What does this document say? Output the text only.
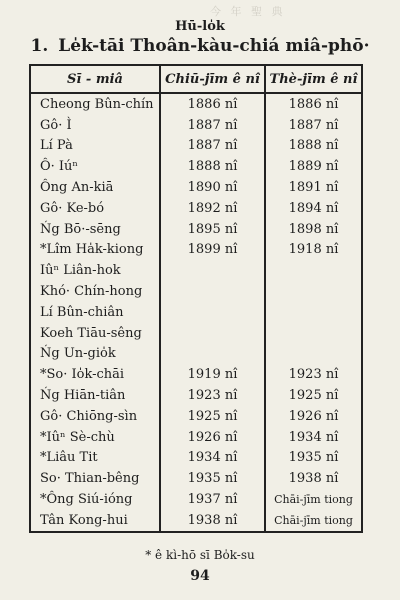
今 年 聖 典
Hū-lo̍k
1. Le̍k-tāi Thoân-kàu-chiá miâ-phō·
Sī - miâ	Chiū-jīm ê nî	Thè-jīm ê nî
Cheong Bûn-chín	1886 nî	1886 nî
Gô· Ì	1887 nî	1887 nî
Lí Pà	1887 nî	1888 nî
Ô· Iúⁿ	1888 nî	1889 nî
Ông An-kiā	1890 nî	1891 nî
Gô· Ke-bó	1892 nî	1894 nî
Ńg Bō·-sēng	1895 nî	1898 nî
*Lîm Ha̍k-kiong	1899 nî	1918 nî
Iûⁿ Liân-hok		
Khó· Chín-hong		
Lí Bûn-chiân		
Koeh Tiāu-sêng		
Ńg Un-gio̍k		
*So· Io̍k-chāi	1919 nî	1923 nî
Ńg Hiān-tiân	1923 nî	1925 nî
Gô· Chiōng-sìn	1925 nî	1926 nî
*Iûⁿ Sè-chù	1926 nî	1934 nî
*Liâu Tit	1934 nî	1935 nî
So· Thian-bêng	1935 nî	1938 nî
*Ông Siú-ióng	1937 nî	Chāi-jīm tiong
Tân Kong-hui	1938 nî	Chāi-jīm tiong
* ê kì-hō sī Bo̍k-su
94
